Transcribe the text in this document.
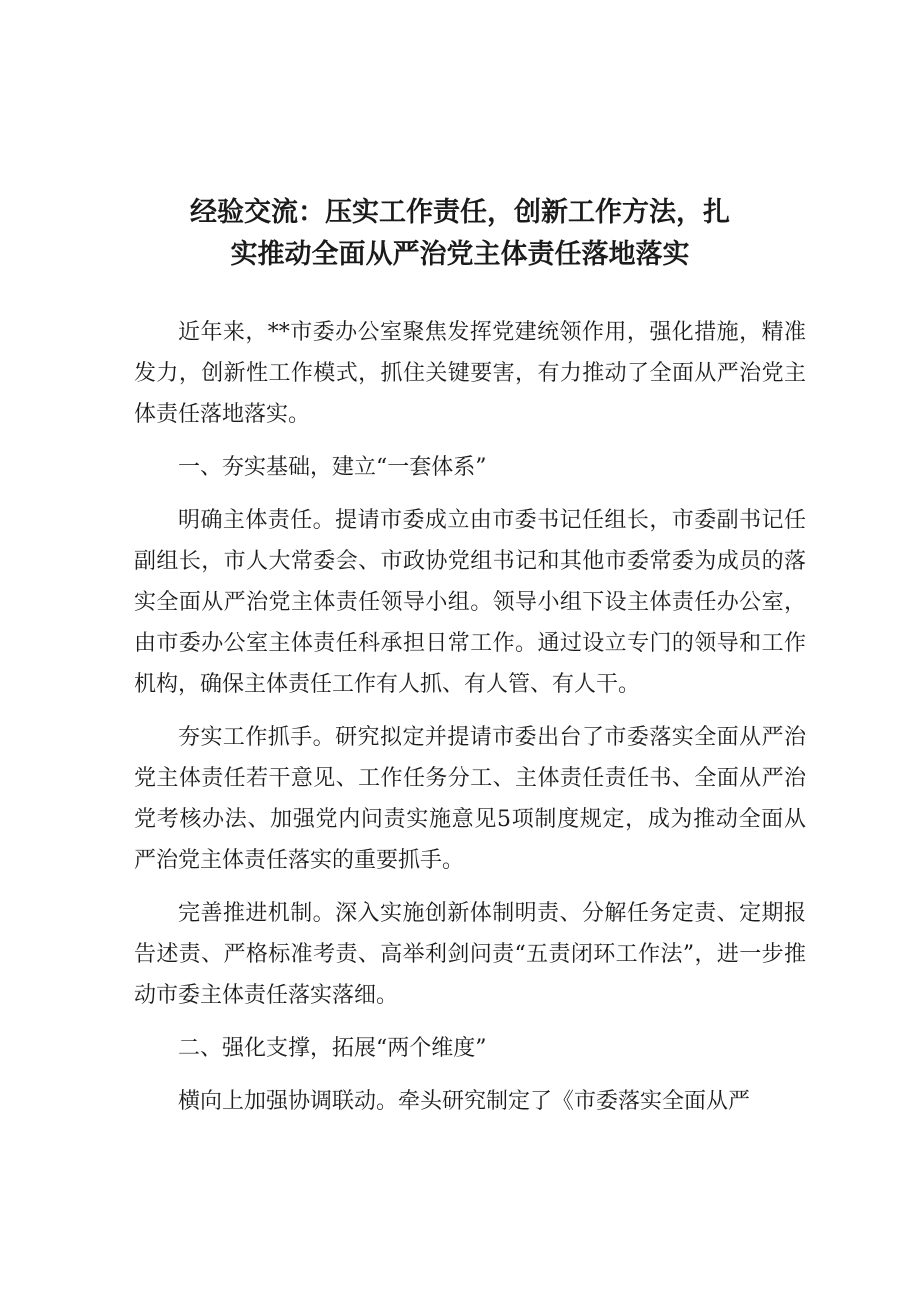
经验交流：压实工作责任，创新工作方法，扎
实推动全面从严治党主体责任落地落实

近年来，**市委办公室聚焦发挥党建统领作用，强化措施，精准发力，创新性工作模式，抓住关键要害，有力推动了全面从严治党主体责任落地落实。

一、夯实基础，建立“一套体系”

明确主体责任。提请市委成立由市委书记任组长，市委副书记任副组长，市人大常委会、市政协党组书记和其他市委常委为成员的落实全面从严治党主体责任领导小组。领导小组下设主体责任办公室，由市委办公室主体责任科承担日常工作。通过设立专门的领导和工作机构，确保主体责任工作有人抓、有人管、有人干。

夯实工作抓手。研究拟定并提请市委出台了市委落实全面从严治党主体责任若干意见、工作任务分工、主体责任责任书、全面从严治党考核办法、加强党内问责实施意见5项制度规定，成为推动全面从严治党主体责任落实的重要抓手。

完善推进机制。深入实施创新体制明责、分解任务定责、定期报告述责、严格标准考责、高举利剑问责“五责闭环工作法”，进一步推动市委主体责任落实落细。

二、强化支撑，拓展“两个维度”

横向上加强协调联动。牵头研究制定了《市委落实全面从严
